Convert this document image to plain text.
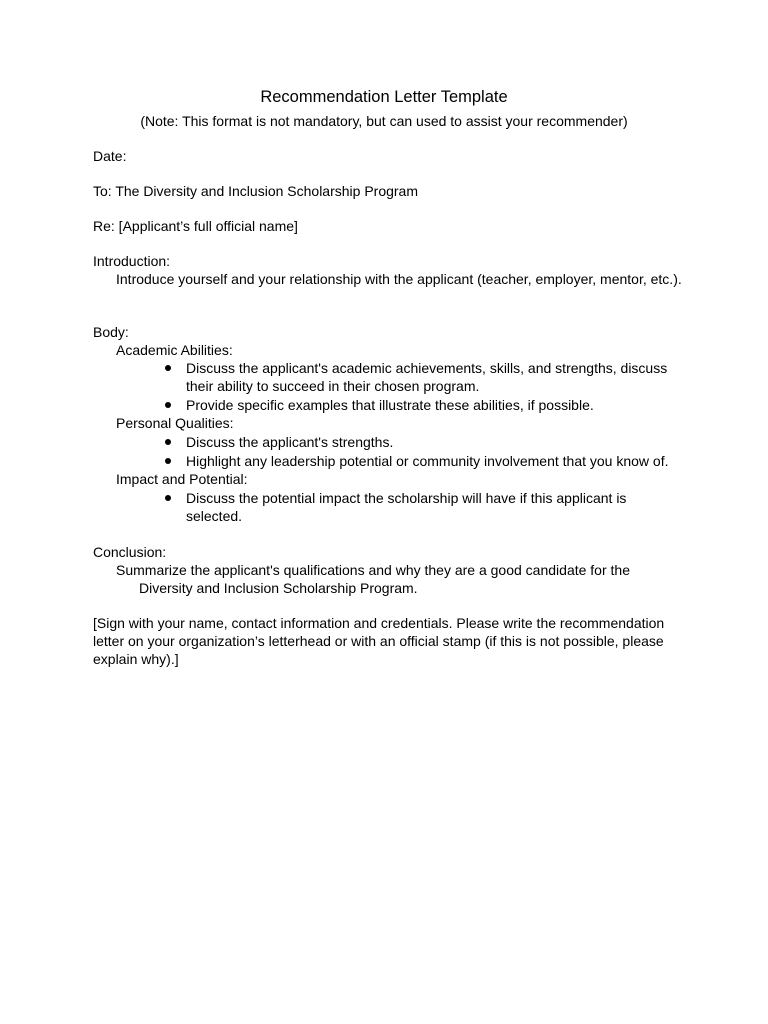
Recommendation Letter Template
(Note: This format is not mandatory, but can used to assist your recommender)
Date:
To: The Diversity and Inclusion Scholarship Program
Re: [Applicant’s full official name]
Introduction:
Introduce yourself and your relationship with the applicant (teacher, employer, mentor, etc.).
Body:
Academic Abilities:
Discuss the applicant's academic achievements, skills, and strengths, discuss their ability to succeed in their chosen program.
Provide specific examples that illustrate these abilities, if possible.
Personal Qualities:
Discuss the applicant's strengths.
Highlight any leadership potential or community involvement that you know of.
Impact and Potential:
Discuss the potential impact the scholarship will have if this applicant is selected.
Conclusion:
Summarize the applicant's qualifications and why they are a good candidate for the Diversity and Inclusion Scholarship Program.
[Sign with your name, contact information and credentials. Please write the recommendation letter on your organization’s letterhead or with an official stamp (if this is not possible, please explain why).]
